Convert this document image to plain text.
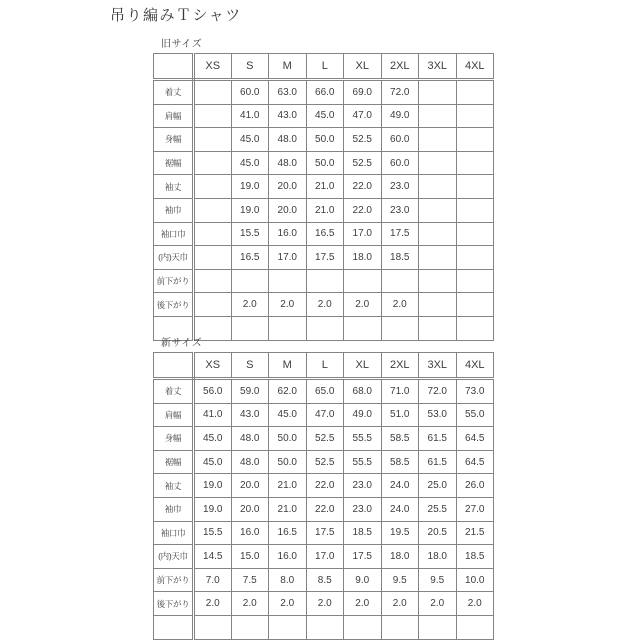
吊り編みＴシャツ
旧サイズ
	XS	S	M	L	XL	2XL	3XL	4XL
着丈		60.0	63.0	66.0	69.0	72.0		
肩幅		41.0	43.0	45.0	47.0	49.0		
身幅		45.0	48.0	50.0	52.5	60.0		
裾幅		45.0	48.0	50.0	52.5	60.0		
袖丈		19.0	20.0	21.0	22.0	23.0		
袖巾		19.0	20.0	21.0	22.0	23.0		
袖口巾		15.5	16.0	16.5	17.0	17.5		
(内)天巾		16.5	17.0	17.5	18.0	18.5		
前下がり								
後下がり		2.0	2.0	2.0	2.0	2.0		

新サイズ
	XS	S	M	L	XL	2XL	3XL	4XL
着丈	56.0	59.0	62.0	65.0	68.0	71.0	72.0	73.0
肩幅	41.0	43.0	45.0	47.0	49.0	51.0	53.0	55.0
身幅	45.0	48.0	50.0	52.5	55.5	58.5	61.5	64.5
裾幅	45.0	48.0	50.0	52.5	55.5	58.5	61.5	64.5
袖丈	19.0	20.0	21.0	22.0	23.0	24.0	25.0	26.0
袖巾	19.0	20.0	21.0	22.0	23.0	24.0	25.5	27.0
袖口巾	15.5	16.0	16.5	17.5	18.5	19.5	20.5	21.5
(内)天巾	14.5	15.0	16.0	17.0	17.5	18.0	18.0	18.5
前下がり	7.0	7.5	8.0	8.5	9.0	9.5	9.5	10.0
後下がり	2.0	2.0	2.0	2.0	2.0	2.0	2.0	2.0
